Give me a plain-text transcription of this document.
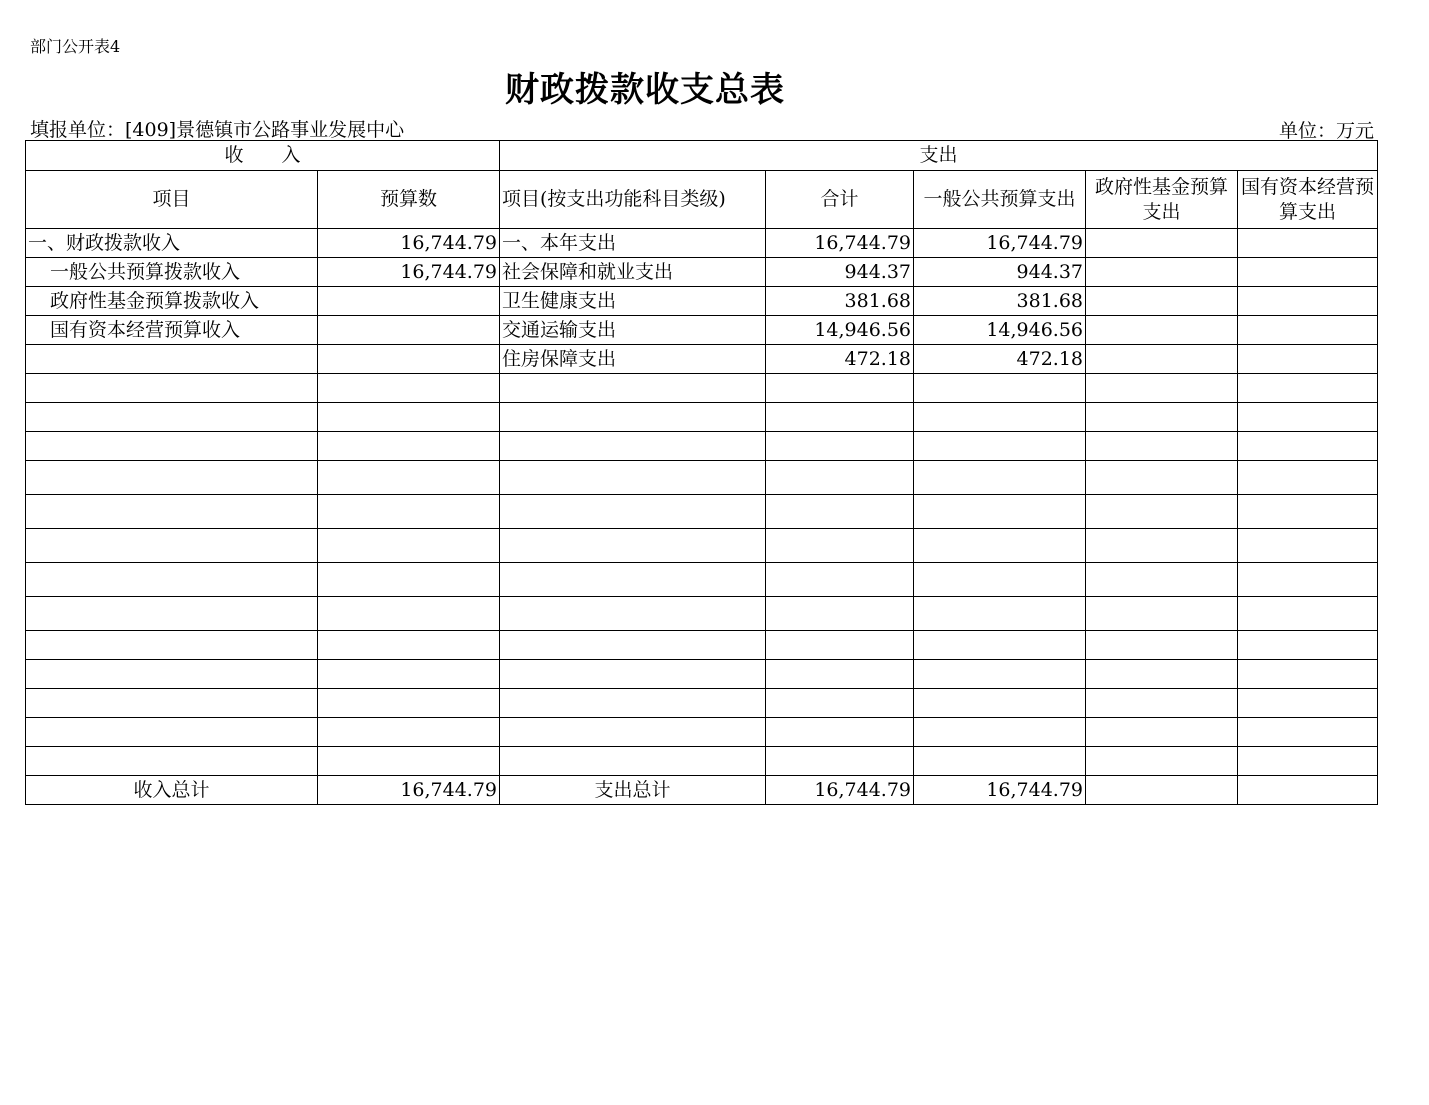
部门公开表4
财政拨款收支总表
填报单位：[409]景德镇市公路事业发展中心	单位：万元
收　　入		支出				
项目	预算数	项目(按支出功能科目类级)	合计	一般公共预算支出	政府性基金预算支出	国有资本经营预算支出
一、财政拨款收入	16,744.79	一、本年支出	16,744.79	16,744.79		
一般公共预算拨款收入	16,744.79	社会保障和就业支出	944.37	944.37		
政府性基金预算拨款收入		卫生健康支出	381.68	381.68		
国有资本经营预算收入		交通运输支出	14,946.56	14,946.56		
		住房保障支出	472.18	472.18		

收入总计	16,744.79	支出总计	16,744.79	16,744.79		
